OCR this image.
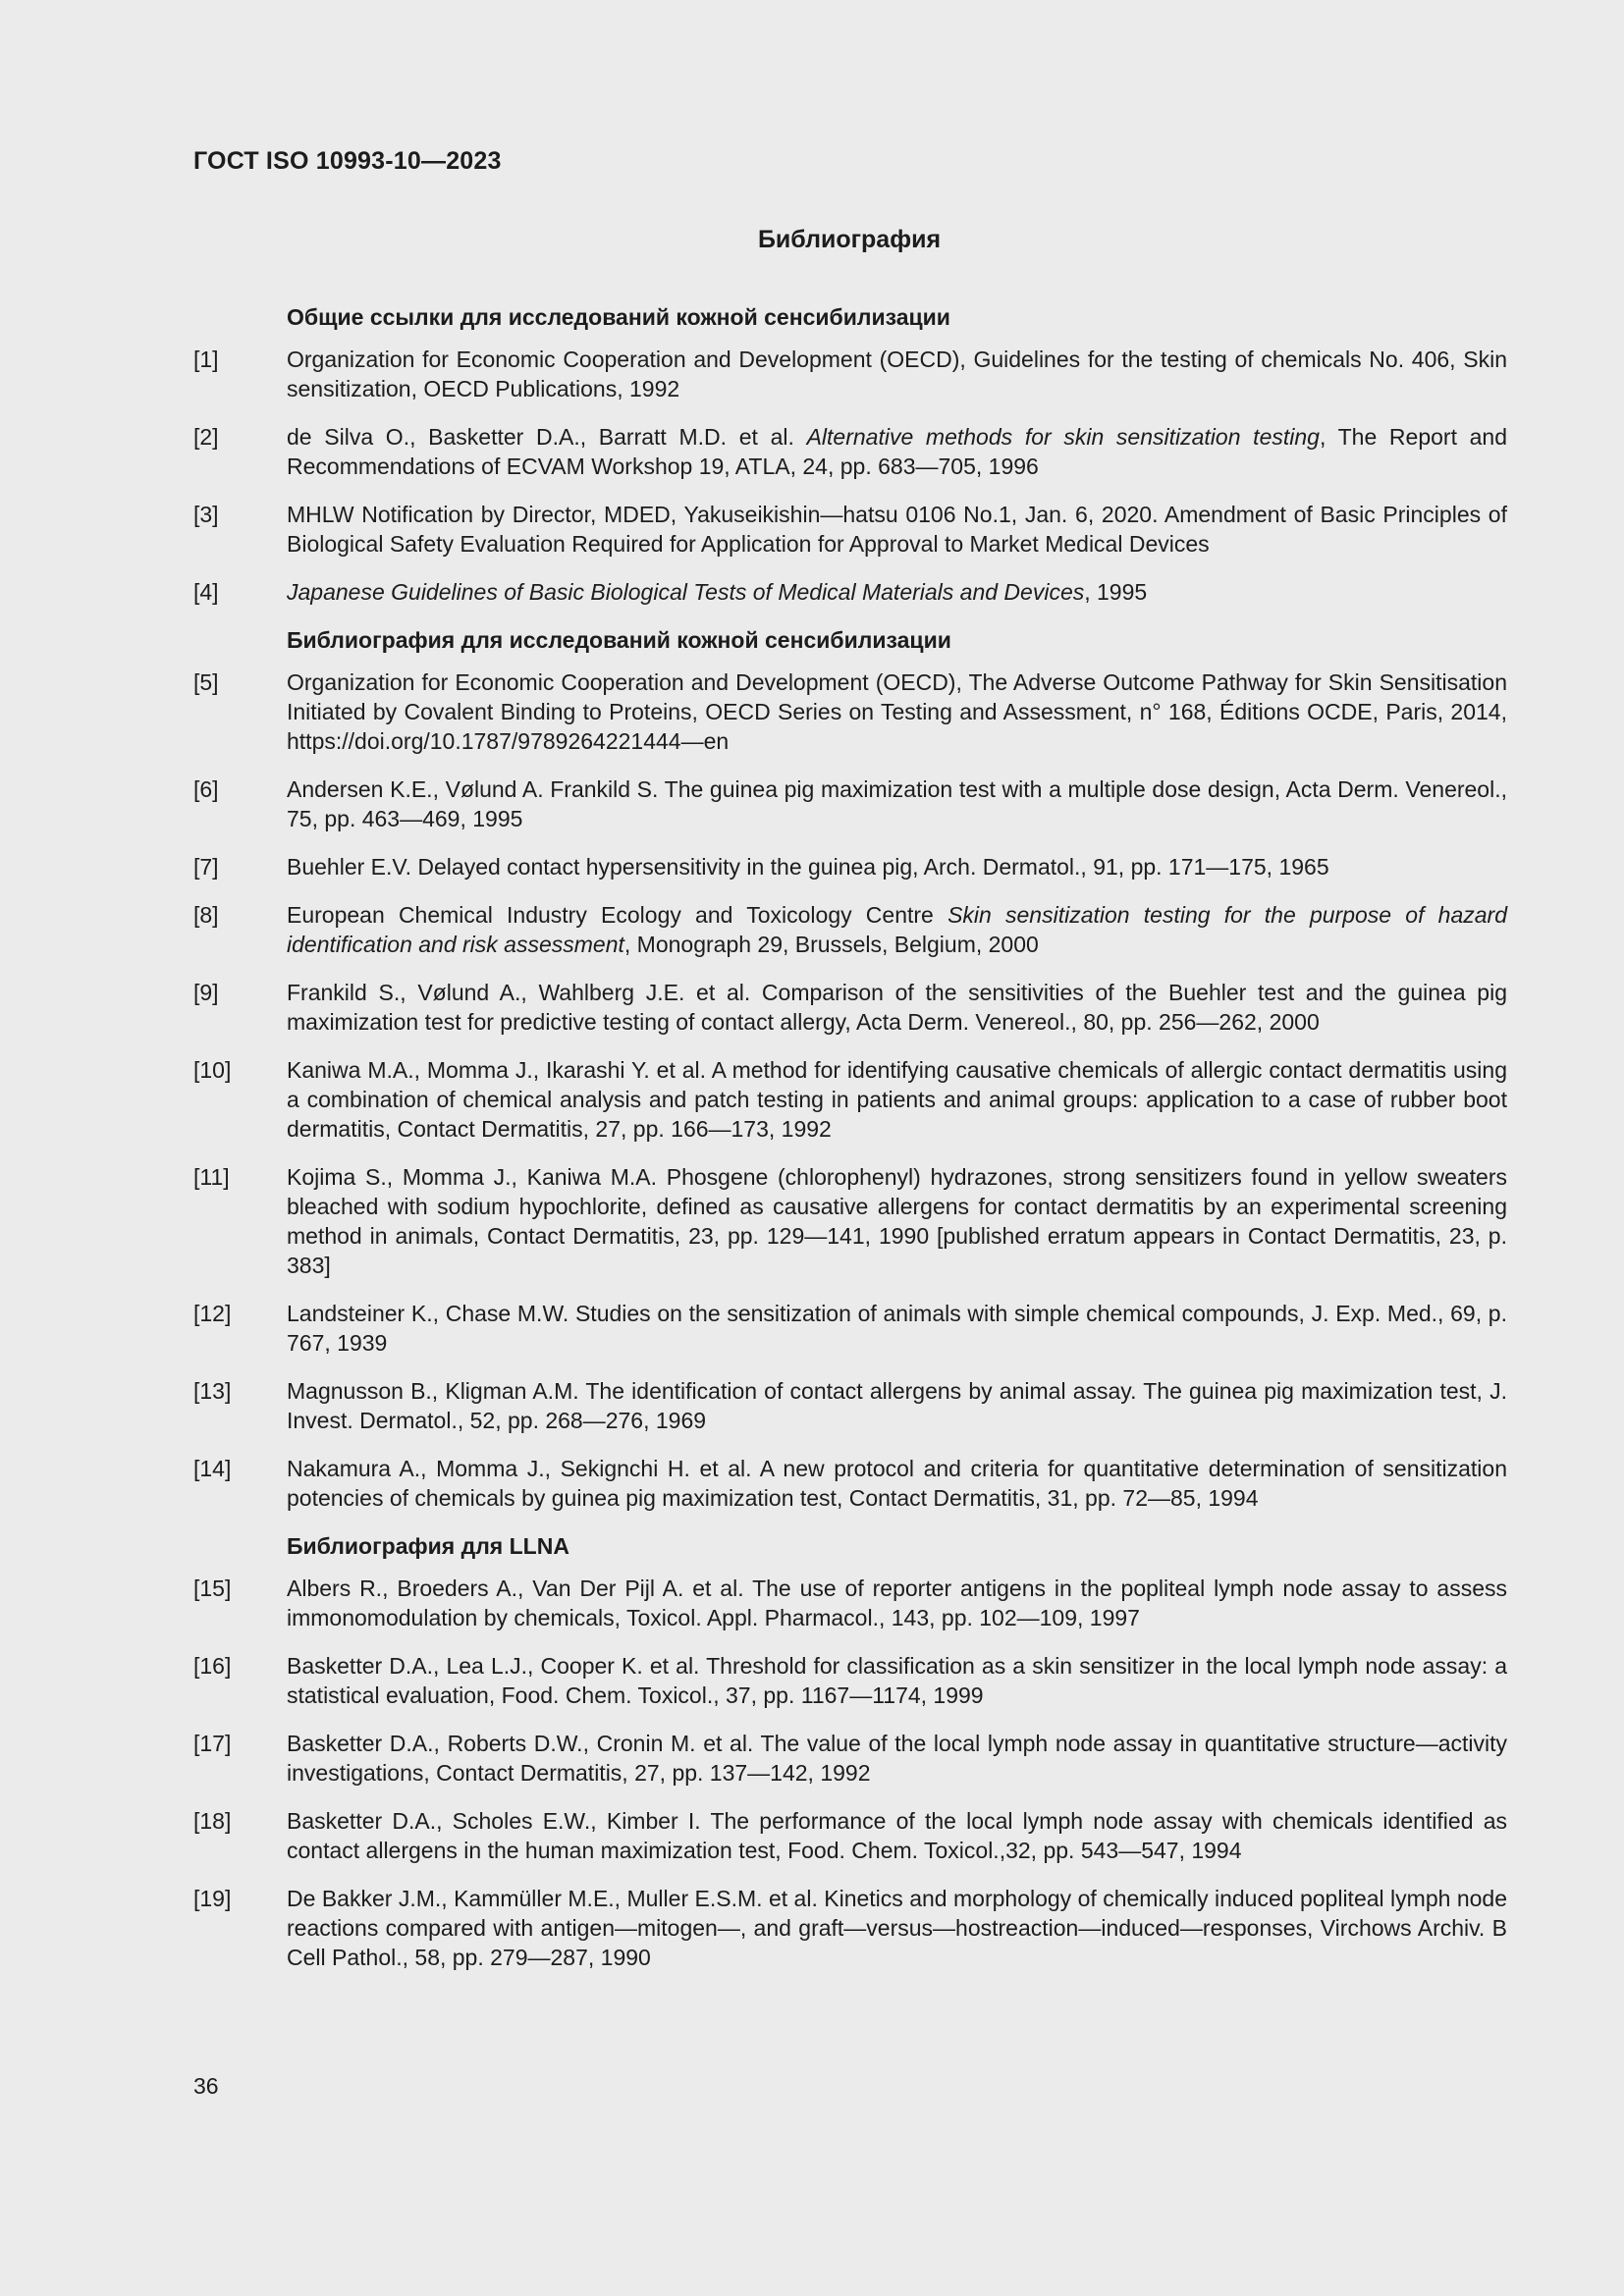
ГОСТ ISO 10993-10—2023
Библиография
Общие ссылки для исследований кожной сенсибилизации
[1]	Organization for Economic Cooperation and Development (OECD), Guidelines for the testing of chemicals No. 406, Skin sensitization, OECD Publications, 1992
[2]	de Silva O., Basketter D.A., Barratt M.D. et al. Alternative methods for skin sensitization testing, The Report and Recommendations of ECVAM Workshop 19, ATLA, 24, pp. 683—705, 1996
[3]	MHLW Notification by Director, MDED, Yakuseikishin—hatsu 0106 No.1, Jan. 6, 2020. Amendment of Basic Principles of Biological Safety Evaluation Required for Application for Approval to Market Medical Devices
[4]	Japanese Guidelines of Basic Biological Tests of Medical Materials and Devices, 1995
Библиография для исследований кожной сенсибилизации
[5]	Organization for Economic Cooperation and Development (OECD), The Adverse Outcome Pathway for Skin Sensitisation Initiated by Covalent Binding to Proteins, OECD Series on Testing and Assessment, n° 168, Éditions OCDE, Paris, 2014, https://doi.org/10.1787/9789264221444—en
[6]	Andersen K.E., Vølund A. Frankild S. The guinea pig maximization test with a multiple dose design, Acta Derm. Venereol., 75, pp. 463—469, 1995
[7]	Buehler E.V. Delayed contact hypersensitivity in the guinea pig, Arch. Dermatol., 91, pp. 171—175, 1965
[8]	European Chemical Industry Ecology and Toxicology Centre Skin sensitization testing for the purpose of hazard identification and risk assessment, Monograph 29, Brussels, Belgium, 2000
[9]	Frankild S., Vølund A., Wahlberg J.E. et al. Comparison of the sensitivities of the Buehler test and the guinea pig maximization test for predictive testing of contact allergy, Acta Derm. Venereol., 80, pp. 256—262, 2000
[10]	Kaniwa M.A., Momma J., Ikarashi Y. et al. A method for identifying causative chemicals of allergic contact dermatitis using a combination of chemical analysis and patch testing in patients and animal groups: application to a case of rubber boot dermatitis, Contact Dermatitis, 27, pp. 166—173, 1992
[11]	Kojima S., Momma J., Kaniwa M.A. Phosgene (chlorophenyl) hydrazones, strong sensitizers found in yellow sweaters bleached with sodium hypochlorite, defined as causative allergens for contact dermatitis by an experimental screening method in animals, Contact Dermatitis, 23, pp. 129—141, 1990 [published erratum appears in Contact Dermatitis, 23, p. 383]
[12]	Landsteiner K., Chase M.W. Studies on the sensitization of animals with simple chemical compounds, J. Exp. Med., 69, p. 767, 1939
[13]	Magnusson B., Kligman A.M. The identification of contact allergens by animal assay. The guinea pig maximization test, J. Invest. Dermatol., 52, pp. 268—276, 1969
[14]	Nakamura A., Momma J., Sekignchi H. et al. A new protocol and criteria for quantitative determination of sensitization potencies of chemicals by guinea pig maximization test, Contact Dermatitis, 31, pp. 72—85, 1994
Библиография для LLNA
[15]	Albers R., Broeders A., Van Der Pijl A. et al. The use of reporter antigens in the popliteal lymph node assay to assess immonomodulation by chemicals, Toxicol. Appl. Pharmacol., 143, pp. 102—109, 1997
[16]	Basketter D.A., Lea L.J., Cooper K. et al. Threshold for classification as a skin sensitizer in the local lymph node assay: a statistical evaluation, Food. Chem. Toxicol., 37, pp. 1167—1174, 1999
[17]	Basketter D.A., Roberts D.W., Cronin M. et al. The value of the local lymph node assay in quantitative structure—activity investigations, Contact Dermatitis, 27, pp. 137—142, 1992
[18]	Basketter D.A., Scholes E.W., Kimber I. The performance of the local lymph node assay with chemicals identified as contact allergens in the human maximization test, Food. Chem. Toxicol.,32, pp. 543—547, 1994
[19]	De Bakker J.M., Kammüller M.E., Muller E.S.M. et al. Kinetics and morphology of chemically induced popliteal lymph node reactions compared with antigen—mitogen—, and graft—versus—hostreaction—induced—responses, Virchows Archiv. B Cell Pathol., 58, pp. 279—287, 1990
36
